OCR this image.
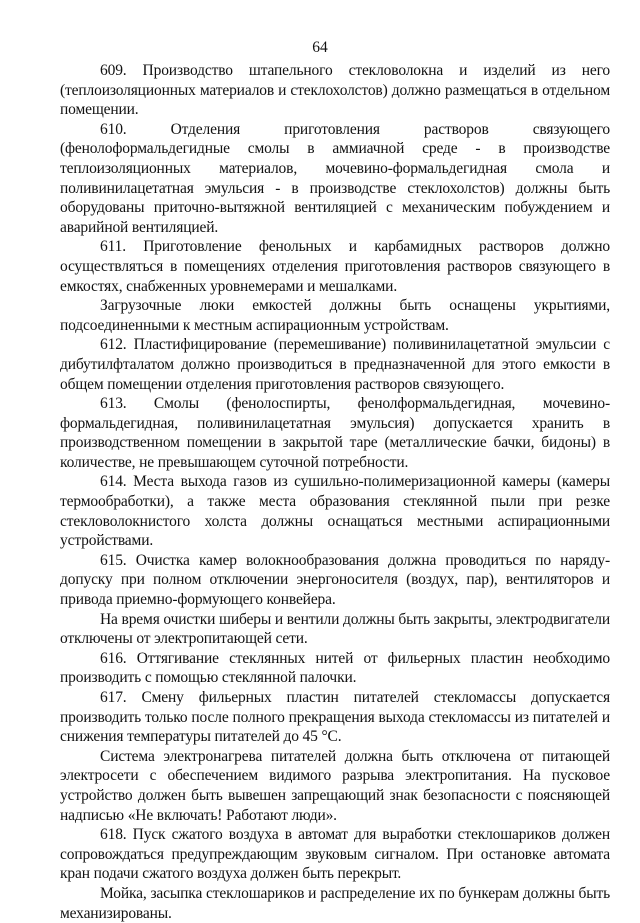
64

609. Производство штапельного стекловолокна и изделий из него (теплоизоляционных материалов и стеклохолстов) должно размещаться в отдельном помещении.

610. Отделения приготовления растворов связующего (фенолоформальдегидные смолы в аммиачной среде - в производстве теплоизоляционных материалов, мочевино-формальдегидная смола и поливинилацетатная эмульсия - в производстве стеклохолстов) должны быть оборудованы приточно-вытяжной вентиляцией с механическим побуждением и аварийной вентиляцией.

611. Приготовление фенольных и карбамидных растворов должно осуществляться в помещениях отделения приготовления растворов связующего в емкостях, снабженных уровнемерами и мешалками.

Загрузочные люки емкостей должны быть оснащены укрытиями, подсоединенными к местным аспирационным устройствам.

612. Пластифицирование (перемешивание) поливинилацетатной эмульсии с дибутилфталатом должно производиться в предназначенной для этого емкости в общем помещении отделения приготовления растворов связующего.

613. Смолы (фенолоспирты, фенолформальдегидная, мочевино-формальдегидная, поливинилацетатная эмульсия) допускается хранить в производственном помещении в закрытой таре (металлические бачки, бидоны) в количестве, не превышающем суточной потребности.

614. Места выхода газов из сушильно-полимеризационной камеры (камеры термообработки), а также места образования стеклянной пыли при резке стекловолокнистого холста должны оснащаться местными аспирационными устройствами.

615. Очистка камер волокнообразования должна проводиться по наряду-допуску при полном отключении энергоносителя (воздух, пар), вентиляторов и привода приемно-формующего конвейера.

На время очистки шиберы и вентили должны быть закрыты, электродвигатели отключены от электропитающей сети.

616. Оттягивание стеклянных нитей от фильерных пластин необходимо производить с помощью стеклянной палочки.

617. Смену фильерных пластин питателей стекломассы допускается производить только после полного прекращения выхода стекломассы из питателей и снижения температуры питателей до 45 °С.

Система электронагрева питателей должна быть отключена от питающей электросети с обеспечением видимого разрыва электропитания. На пусковое устройство должен быть вывешен запрещающий знак безопасности с поясняющей надписью «Не включать! Работают люди».

618. Пуск сжатого воздуха в автомат для выработки стеклошариков должен сопровождаться предупреждающим звуковым сигналом. При остановке автомата кран подачи сжатого воздуха должен быть перекрыт.

Мойка, засыпка стеклошариков и распределение их по бункерам должны быть механизированы.
